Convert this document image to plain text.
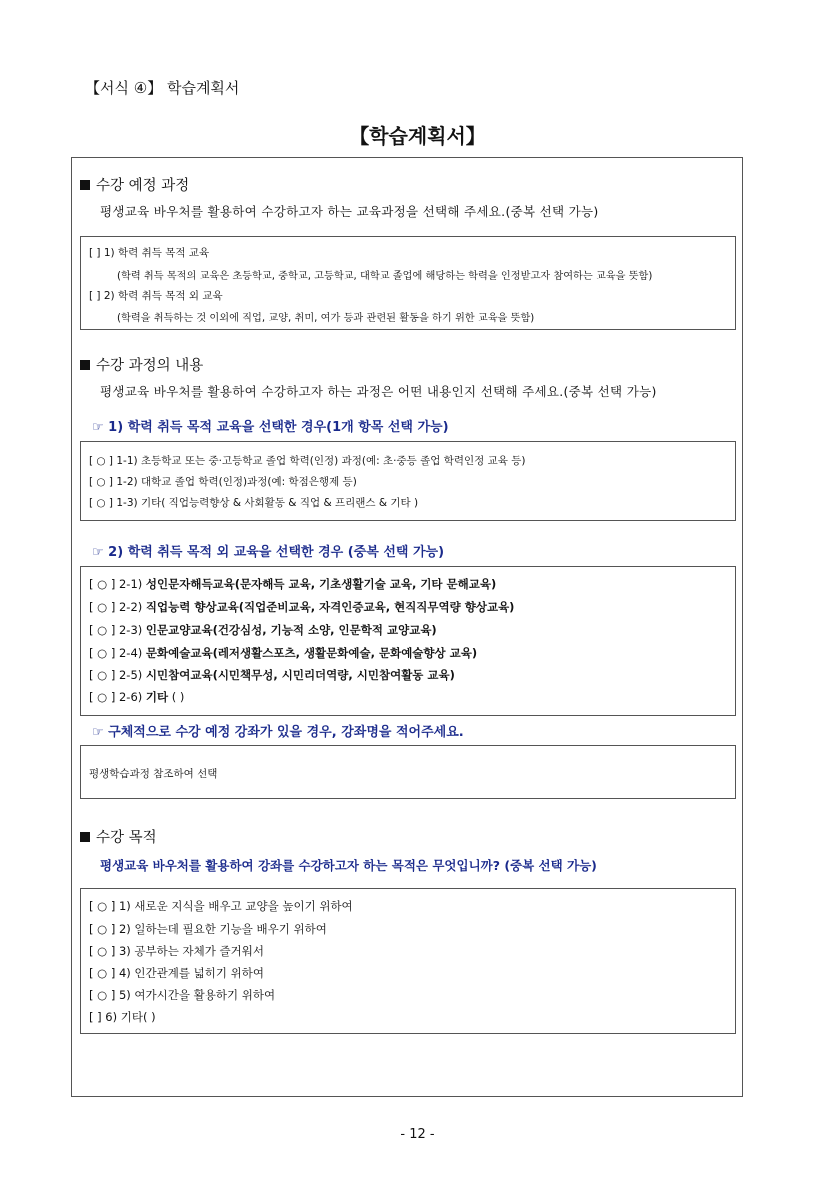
【서식 ④】 학습계획서
【학습계획서】
수강 예정 과정
평생교육 바우처를 활용하여 수강하고자 하는 교육과정을 선택해 주세요.(중복 선택 가능)
[ ] 1) 학력 취득 목적 교육
(학력 취득 목적의 교육은 초등학교, 중학교, 고등학교, 대학교 졸업에 해당하는 학력을 인정받고자 참여하는 교육을 뜻함)
[ ] 2) 학력 취득 목적 외 교육
(학력을 취득하는 것 이외에 직업, 교양, 취미, 여가 등과 관련된 활동을 하기 위한 교육을 뜻함)
수강 과정의 내용
평생교육 바우처를 활용하여 수강하고자 하는 과정은 어떤 내용인지 선택해 주세요.(중복 선택 가능)
☞ 1) 학력 취득 목적 교육을 선택한 경우(1개 항목 선택 가능)
[ ○ ] 1-1) 초등학교 또는 중·고등학교 졸업 학력(인정) 과정(예: 초·중등 졸업 학력인정 교육 등)
[ ○ ] 1-2) 대학교 졸업 학력(인정)과정(예: 학점은행제 등)
[ ○ ] 1-3) 기타( 직업능력향상 & 사회활동 & 직업 & 프리랜스 & 기타 )
☞ 2) 학력 취득 목적 외 교육을 선택한 경우 (중복 선택 가능)
[ ○ ] 2-1) 성인문자해득교육(문자해득 교육, 기초생활기술 교육, 기타 문해교육)
[ ○ ] 2-2) 직업능력 향상교육(직업준비교육, 자격인증교육, 현직직무역량 향상교육)
[ ○ ] 2-3) 인문교양교육(건강심성, 기능적 소양, 인문학적 교양교육)
[ ○ ] 2-4) 문화예술교육(레저생활스포츠, 생활문화예술, 문화예술향상 교육)
[ ○ ] 2-5) 시민참여교육(시민책무성, 시민리더역량, 시민참여활동 교육)
[ ○ ] 2-6) 기타 ( )
☞ 구체적으로 수강 예정 강좌가 있을 경우, 강좌명을 적어주세요.
평생학습과정 참조하여 선택
수강 목적
평생교육 바우처를 활용하여 강좌를 수강하고자 하는 목적은 무엇입니까? (중복 선택 가능)
[ ○ ] 1) 새로운 지식을 배우고 교양을 높이기 위하여
[ ○ ] 2) 일하는데 필요한 기능을 배우기 위하여
[ ○ ] 3) 공부하는 자체가 즐거워서
[ ○ ] 4) 인간관계를 넓히기 위하여
[ ○ ] 5) 여가시간을 활용하기 위하여
[ ] 6) 기타( )
- 12 -
